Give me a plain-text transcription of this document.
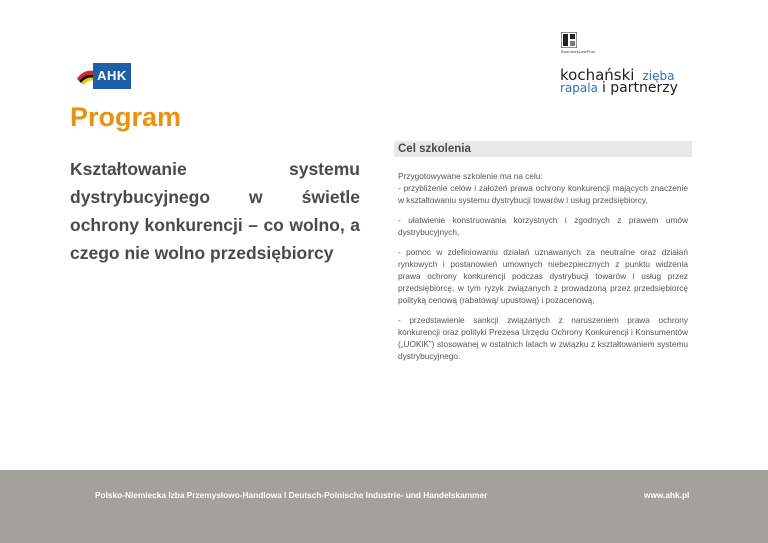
AHK
BusinessLawFirm
kochański zięba
rapala i partnerzy
Program
Kształtowanie systemu dystrybucyjnego w świetle ochrony konkurencji – co wolno, a czego nie wolno przedsiębiorcy
Cel szkolenia

Przygotowywane szkolenie ma na celu:

- przybliżenie celów i założeń prawa ochrony konkurencji mających znaczenie w kształtowaniu systemu dystrybucji towarów i usług przedsiębiorcy,

- ułatwienie konstruowania korzystnych i zgodnych z prawem umów dystrybucyjnych,

- pomoc w zdefiniowaniu działań uznawanych za neutralne oraz działań rynkowych i postanowień umownych niebezpiecznych z punktu widzenia prawa ochrony konkurencji podczas dystrybucji towarów i usług przez przedsiębiorcę, w tym ryzyk związanych z prowadzoną przez przedsiębiorcę polityką cenową (rabatową/ upustową) i pozacenową,

- przedstawienie sankcji związanych z naruszeniem prawa ochrony konkurencji oraz polityki Prezesa Urzędu Ochrony Konkurencji i Konsumentów („UOKiK”) stosowanej w ostatnich latach w związku z kształtowaniem systemu dystrybucyjnego.

Polsko-Niemiecka Izba Przemysłowo-Handlowa I Deutsch-Polnische Industrie- und Handelskammer	www.ahk.pl
